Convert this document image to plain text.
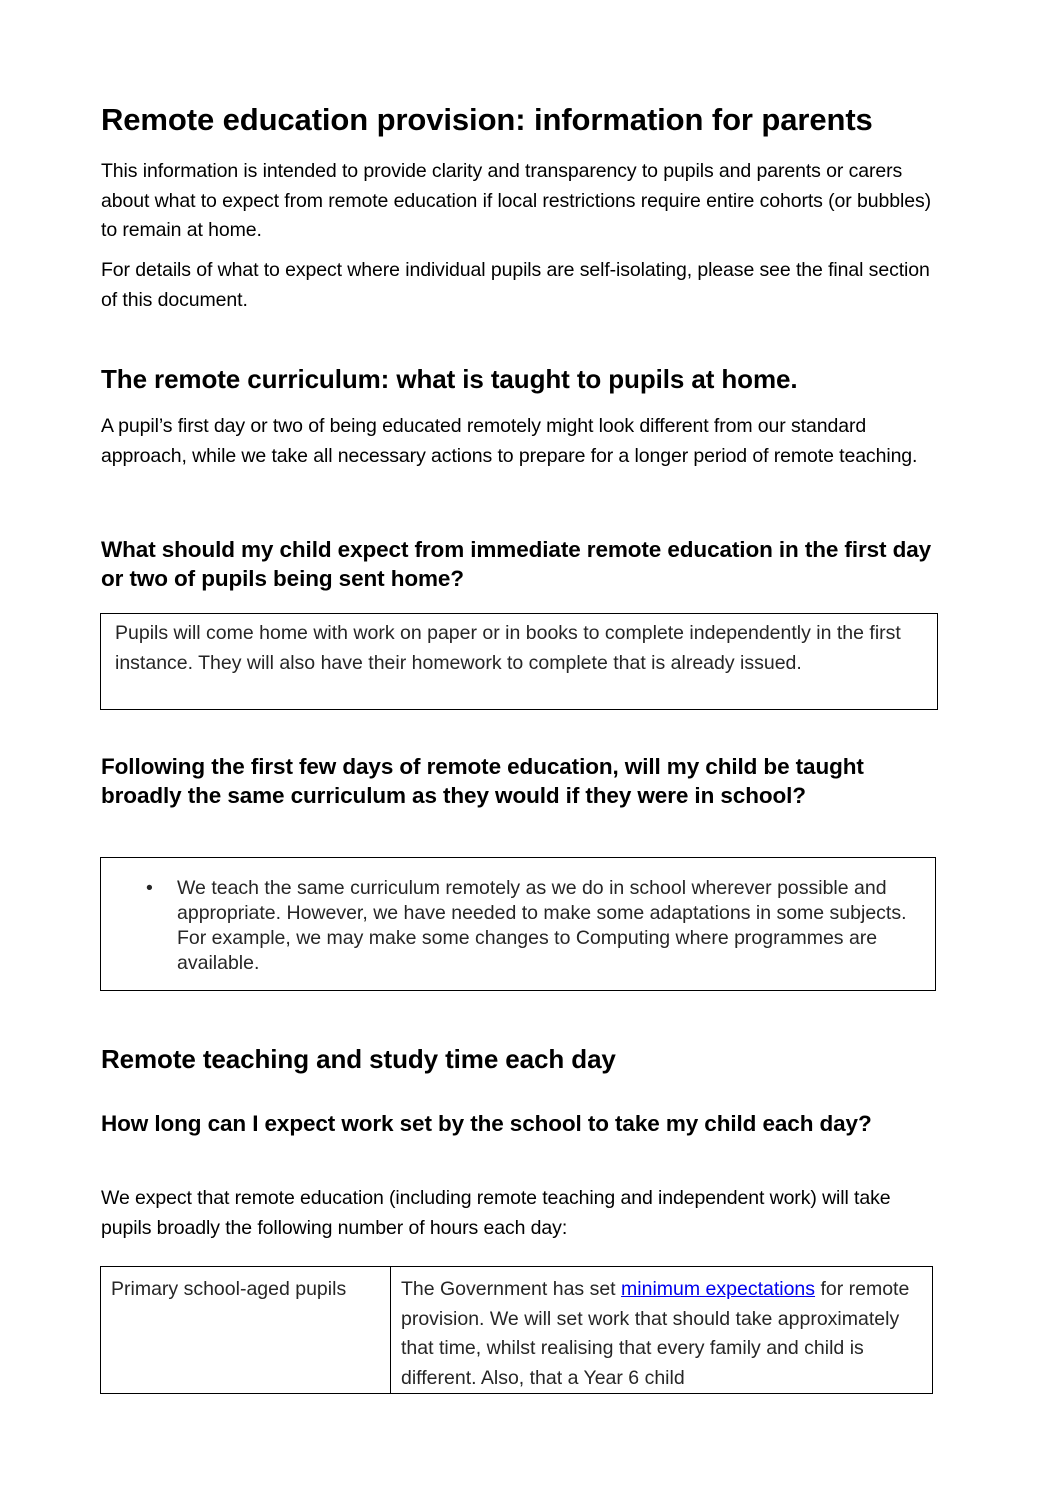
Remote education provision: information for parents

This information is intended to provide clarity and transparency to pupils and parents or carers about what to expect from remote education if local restrictions require entire cohorts (or bubbles) to remain at home.

For details of what to expect where individual pupils are self-isolating, please see the final section of this document.

The remote curriculum: what is taught to pupils at home.

A pupil’s first day or two of being educated remotely might look different from our standard approach, while we take all necessary actions to prepare for a longer period of remote teaching.

What should my child expect from immediate remote education in the first day or two of pupils being sent home?

Pupils will come home with work on paper or in books to complete independently in the first instance. They will also have their homework to complete that is already issued.

Following the first few days of remote education, will my child be taught broadly the same curriculum as they would if they were in school?
• We teach the same curriculum remotely as we do in school wherever possible and appropriate. However, we have needed to make some adaptations in some subjects. For example, we may make some changes to Computing where programmes are available.
Remote teaching and study time each day
How long can I expect work set by the school to take my child each day?

We expect that remote education (including remote teaching and independent work) will take pupils broadly the following number of hours each day:

Primary school-aged pupils	The Government has set minimum expectations for remote provision. We will set work that should take approximately that time, whilst realising that every family and child is different. Also, that a Year 6 child
